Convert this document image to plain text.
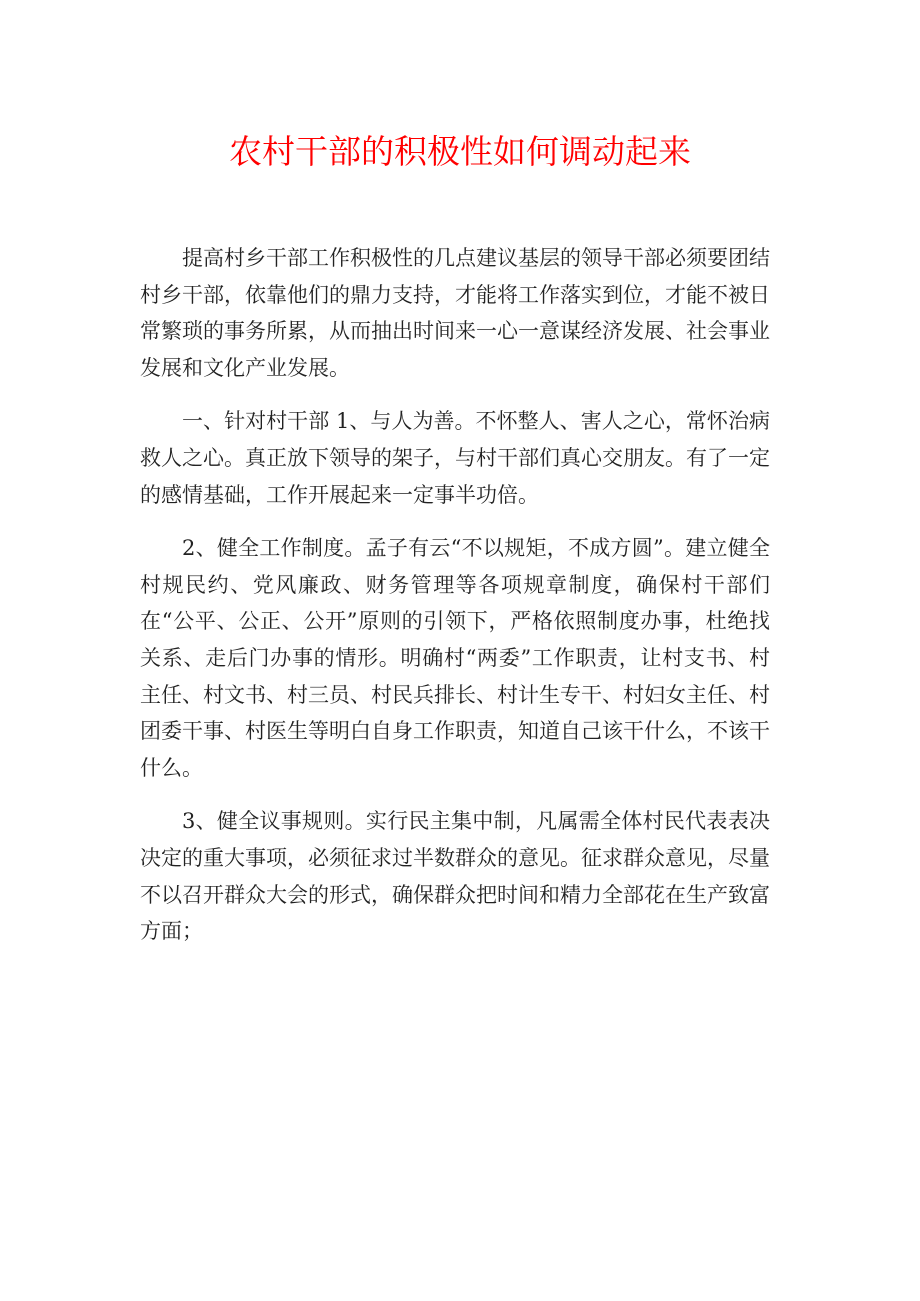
农村干部的积极性如何调动起来

提高村乡干部工作积极性的几点建议基层的领导干部必须要团结村乡干部，依靠他们的鼎力支持，才能将工作落实到位，才能不被日常繁琐的事务所累，从而抽出时间来一心一意谋经济发展、社会事业发展和文化产业发展。

一、针对村干部 1、与人为善。不怀整人、害人之心，常怀治病救人之心。真正放下领导的架子，与村干部们真心交朋友。有了一定的感情基础，工作开展起来一定事半功倍。

2、健全工作制度。孟子有云“不以规矩，不成方圆”。建立健全村规民约、党风廉政、财务管理等各项规章制度，确保村干部们在“公平、公正、公开”原则的引领下，严格依照制度办事，杜绝找关系、走后门办事的情形。明确村“两委”工作职责，让村支书、村主任、村文书、村三员、村民兵排长、村计生专干、村妇女主任、村团委干事、村医生等明白自身工作职责，知道自己该干什么，不该干什么。

3、健全议事规则。实行民主集中制，凡属需全体村民代表表决决定的重大事项，必须征求过半数群众的意见。征求群众意见，尽量不以召开群众大会的形式，确保群众把时间和精力全部花在生产致富方面；
